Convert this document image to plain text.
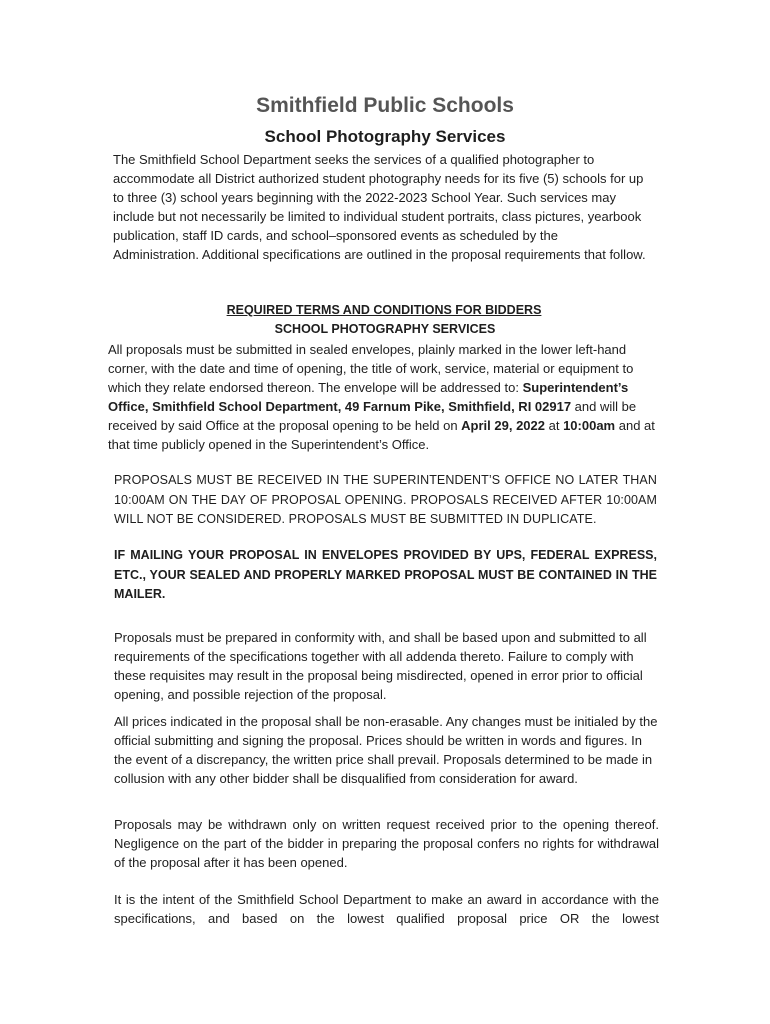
Smithfield Public Schools
School Photography Services

The Smithfield School Department seeks the services of a qualified photographer to accommodate all District authorized student photography needs for its five (5) schools for up to three (3) school years beginning with the 2022-2023 School Year. Such services may include but not necessarily be limited to individual student portraits, class pictures, yearbook publication, staff ID cards, and school–sponsored events as scheduled by the Administration. Additional specifications are outlined in the proposal requirements that follow.

REQUIRED TERMS AND CONDITIONS FOR BIDDERS

SCHOOL PHOTOGRAPHY SERVICES

All proposals must be submitted in sealed envelopes, plainly marked in the lower left-hand corner, with the date and time of opening, the title of work, service, material or equipment to which they relate endorsed thereon. The envelope will be addressed to: Superintendent’s Office, Smithfield School Department, 49 Farnum Pike, Smithfield, RI 02917 and will be received by said Office at the proposal opening to be held on April 29, 2022 at 10:00am and at that time publicly opened in the Superintendent’s Office.

PROPOSALS MUST BE RECEIVED IN THE SUPERINTENDENT’S OFFICE NO LATER THAN 10:00AM ON THE DAY OF PROPOSAL OPENING. PROPOSALS RECEIVED AFTER 10:00AM WILL NOT BE CONSIDERED. PROPOSALS MUST BE SUBMITTED IN DUPLICATE.

IF MAILING YOUR PROPOSAL IN ENVELOPES PROVIDED BY UPS, FEDERAL EXPRESS, ETC., YOUR SEALED AND PROPERLY MARKED PROPOSAL MUST BE CONTAINED IN THE MAILER.

Proposals must be prepared in conformity with, and shall be based upon and submitted to all requirements of the specifications together with all addenda thereto. Failure to comply with these requisites may result in the proposal being misdirected, opened in error prior to official opening, and possible rejection of the proposal.

All prices indicated in the proposal shall be non-erasable. Any changes must be initialed by the official submitting and signing the proposal. Prices should be written in words and figures. In the event of a discrepancy, the written price shall prevail. Proposals determined to be made in collusion with any other bidder shall be disqualified from consideration for award.

Proposals may be withdrawn only on written request received prior to the opening thereof. Negligence on the part of the bidder in preparing the proposal confers no rights for withdrawal of the proposal after it has been opened.

It is the intent of the Smithfield School Department to make an award in accordance with the specifications, and based on the lowest qualified proposal price OR the lowest
